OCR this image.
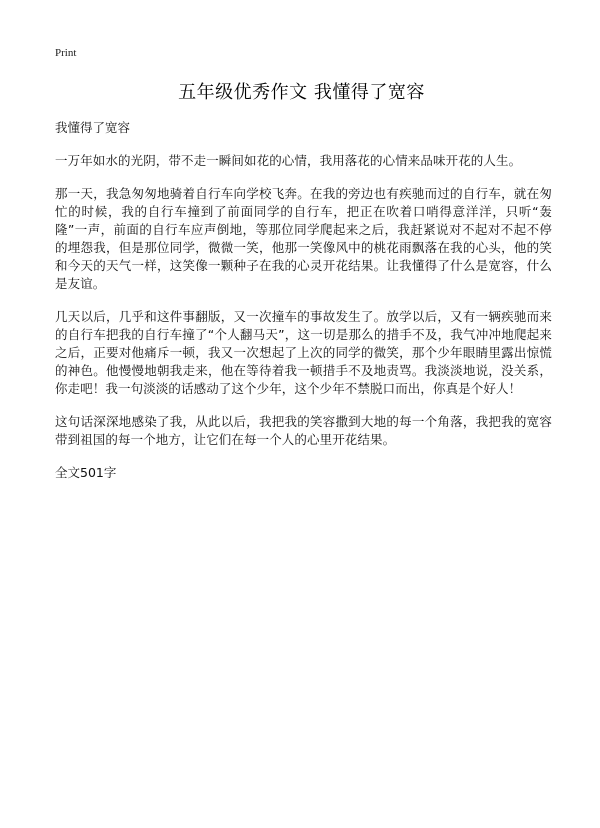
Print
五年级优秀作文 我懂得了宽容
我懂得了宽容

一万年如水的光阴，带不走一瞬间如花的心情，我用落花的心情来品味开花的人生。

那一天，我急匆匆地骑着自行车向学校飞奔。在我的旁边也有疾驰而过的自行车，就在匆忙的时候，我的自行车撞到了前面同学的自行车，把正在吹着口哨得意洋洋，只听“轰隆”一声，前面的自行车应声倒地，等那位同学爬起来之后，我赶紧说对不起对不起不停的埋怨我，但是那位同学，微微一笑，他那一笑像风中的桃花雨飘落在我的心头，他的笑和今天的天气一样，这笑像一颗种子在我的心灵开花结果。让我懂得了什么是宽容，什么是友谊。

几天以后，几乎和这件事翻版，又一次撞车的事故发生了。放学以后，又有一辆疾驰而来的自行车把我的自行车撞了“个人翻马天”，这一切是那么的措手不及，我气冲冲地爬起来之后，正要对他痛斥一顿，我又一次想起了上次的同学的微笑，那个少年眼睛里露出惊慌的神色。他慢慢地朝我走来，他在等待着我一顿措手不及地责骂。我淡淡地说，没关系，你走吧！我一句淡淡的话感动了这个少年，这个少年不禁脱口而出，你真是个好人！

这句话深深地感染了我，从此以后，我把我的笑容撒到大地的每一个角落，我把我的宽容带到祖国的每一个地方，让它们在每一个人的心里开花结果。

全文501字
